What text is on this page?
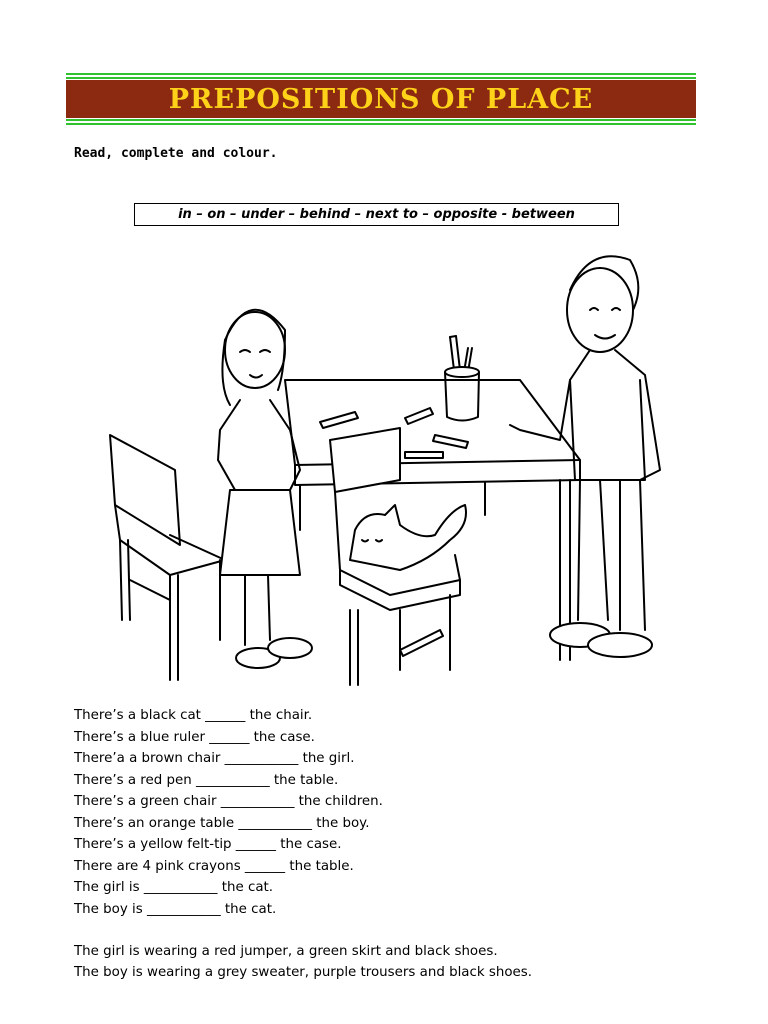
PREPOSITIONS OF PLACE
Read, complete and colour.
in – on – under – behind – next to – opposite - between
There’s a black cat ______ the chair.
There’s a blue ruler ______ the case.
There’a a brown chair ___________ the girl.
There’s a red pen ___________ the table.
There’s a green chair ___________ the children.
There’s an orange table ___________ the boy.
There’s a yellow felt-tip ______ the case.
There are 4 pink crayons ______ the table.
The girl is ___________ the cat.
The boy is ___________ the cat.
The girl is wearing a red jumper, a green skirt and black shoes.
The boy is wearing a grey sweater, purple trousers and black shoes.
